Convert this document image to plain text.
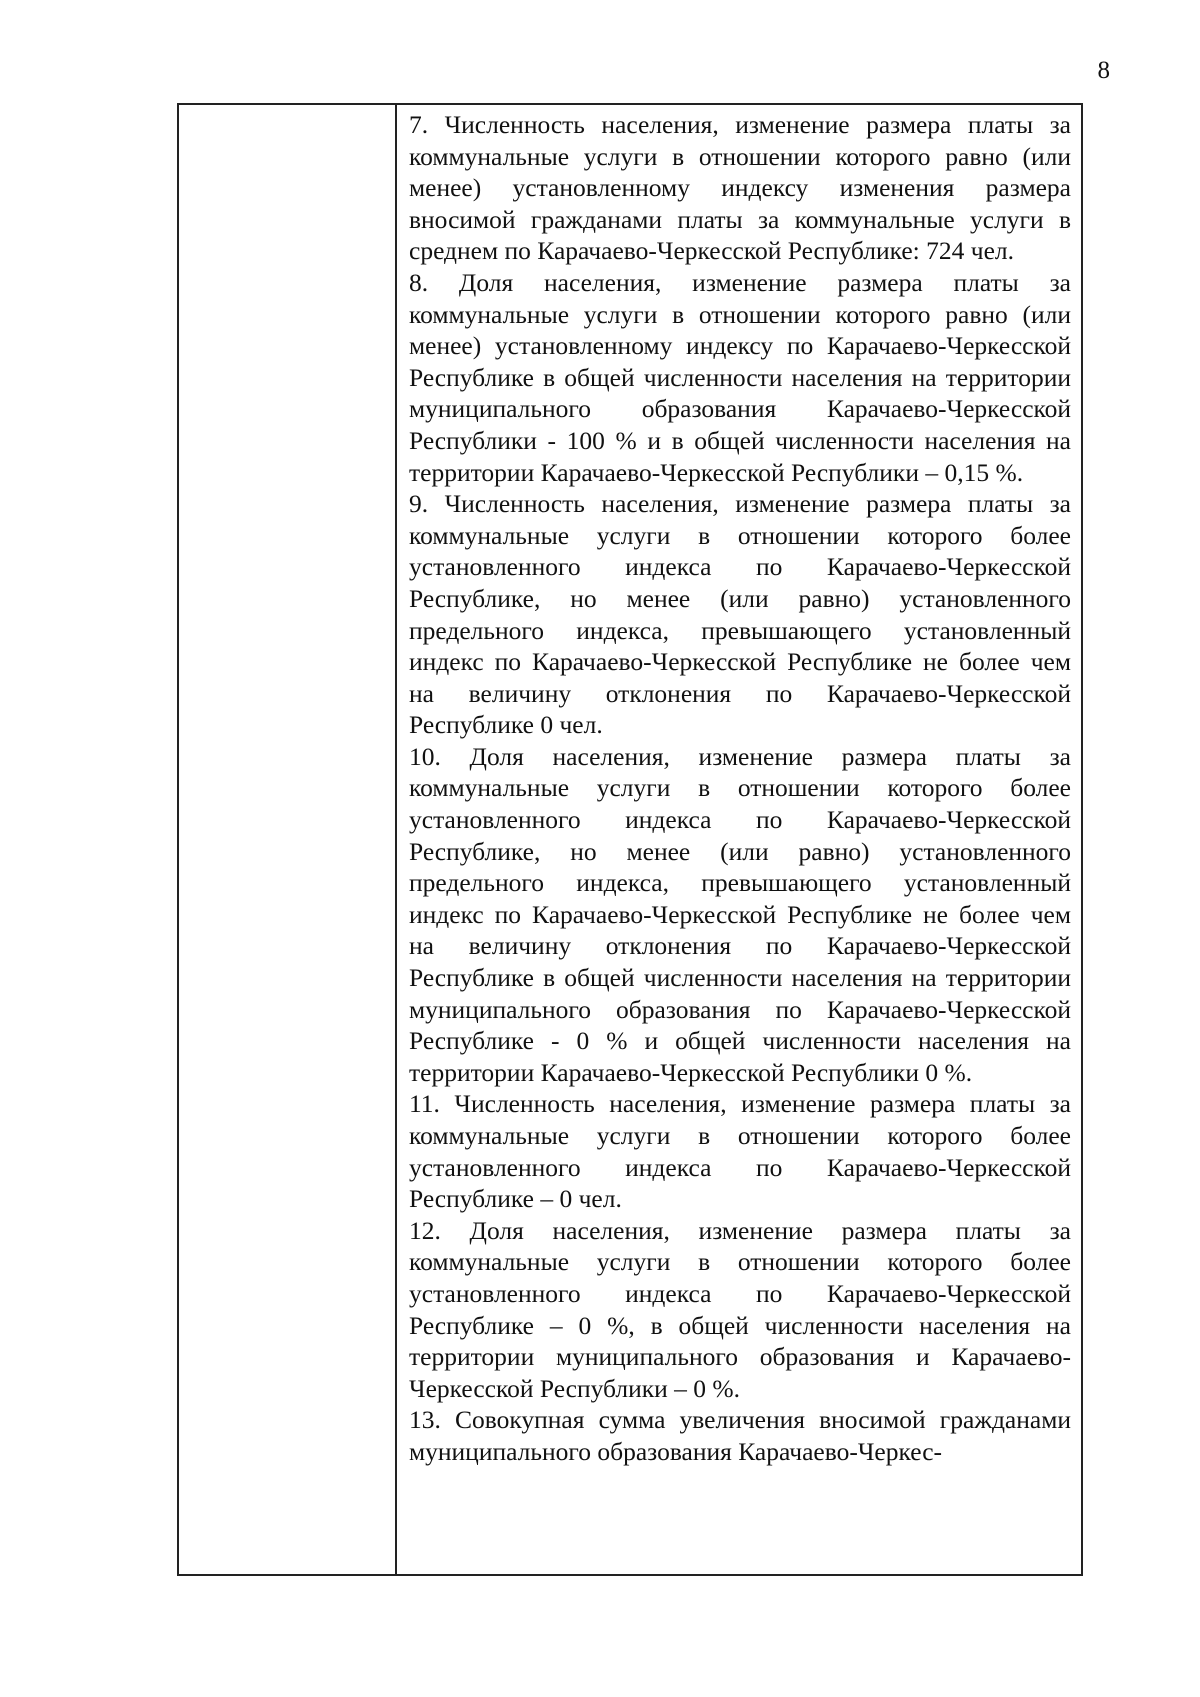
8

7. Численность населения, изменение размера платы за коммунальные услуги в отношении которого равно (или менее) установленному индексу изменения размера вносимой гражданами платы за коммунальные услуги в среднем по Карачаево-Черкесской Республике: 724 чел.

8. Доля населения, изменение размера платы за коммунальные услуги в отношении которого равно (или менее) установленному индексу по Карачаево-Черкесской Республике в общей численности населения на территории муниципального образования Карачаево-Черкесской Республики - 100 % и в общей численности населения на территории Карачаево-Черкесской Республики – 0,15 %.

9. Численность населения, изменение размера платы за коммунальные услуги в отношении которого более установленного индекса по Карачаево-Черкесской Республике, но менее (или равно) установленного предельного индекса, превышающего установленный индекс по Карачаево-Черкесской Республике не более чем на величину отклонения по Карачаево-Черкесской Республике 0 чел.

10. Доля населения, изменение размера платы за коммунальные услуги в отношении которого более установленного индекса по Карачаево-Черкесской Республике, но менее (или равно) установленного предельного индекса, превышающего установленный индекс по Карачаево-Черкесской Республике не более чем на величину отклонения по Карачаево-Черкесской Республике в общей численности населения на территории муниципального образования по Карачаево-Черкесской Республике - 0 % и общей численности населения на территории Карачаево-Черкесской Республики 0 %.

11. Численность населения, изменение размера платы за коммунальные услуги в отношении которого более установленного индекса по Карачаево-Черкесской Республике – 0 чел.

12. Доля населения, изменение размера платы за коммунальные услуги в отношении которого более установленного индекса по Карачаево-Черкесской Республике – 0 %, в общей численности населения на территории муниципального образования и Карачаево-Черкесской Республики – 0 %.

13. Совокупная сумма увеличения вносимой гражданами муниципального образования Карачаево-Черкес-
